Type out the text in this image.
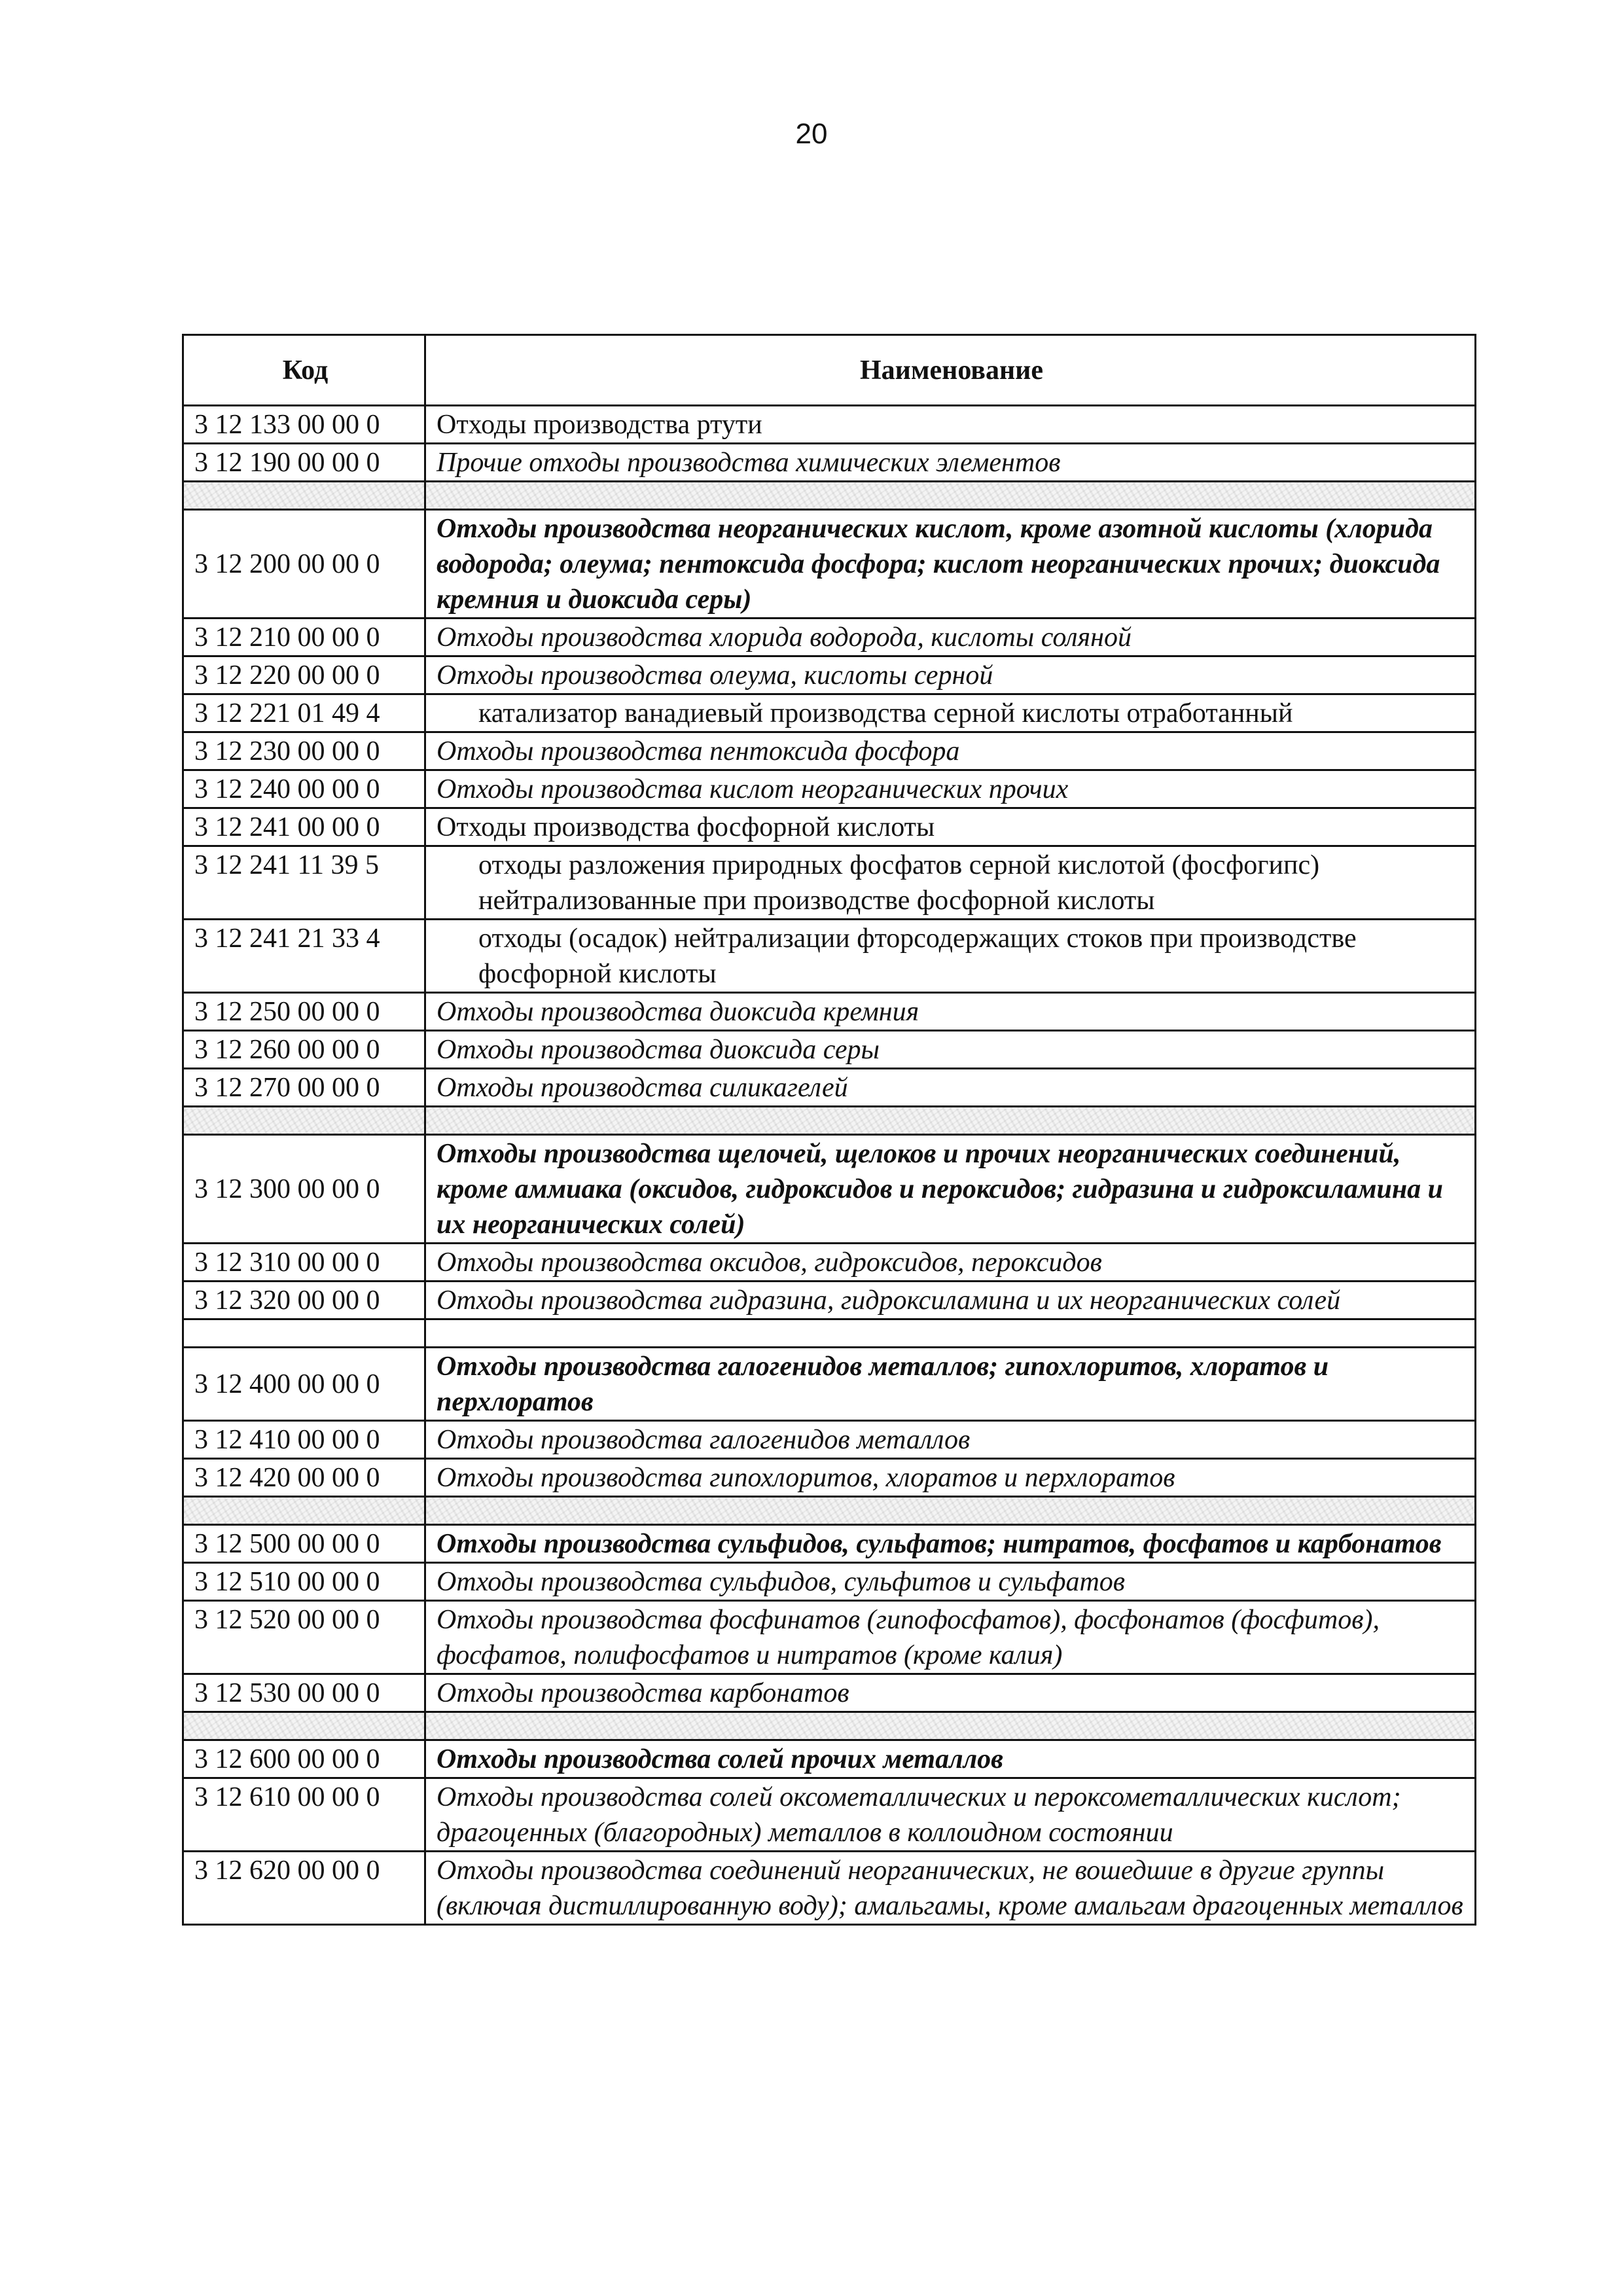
20
Код	Наименование
3 12 133 00 00 0	Отходы производства ртути
3 12 190 00 00 0	Прочие отходы производства химических элементов

3 12 200 00 00 0	Отходы производства неорганических кислот, кроме азотной кислоты (хлорида водорода; олеума; пентоксида фосфора; кислот неорганических прочих; диоксида кремния и диоксида серы)
3 12 210 00 00 0	Отходы производства хлорида водорода, кислоты соляной
3 12 220 00 00 0	Отходы производства олеума, кислоты серной
3 12 221 01 49 4	катализатор ванадиевый производства серной кислоты отработанный
3 12 230 00 00 0	Отходы производства пентоксида фосфора
3 12 240 00 00 0	Отходы производства кислот неорганических прочих
3 12 241 00 00 0	Отходы производства фосфорной кислоты
3 12 241 11 39 5	отходы разложения природных фосфатов серной кислотой (фосфогипс) нейтрализованные при производстве фосфорной кислоты
3 12 241 21 33 4	отходы (осадок) нейтрализации фторсодержащих стоков при производстве фосфорной кислоты
3 12 250 00 00 0	Отходы производства диоксида кремния
3 12 260 00 00 0	Отходы производства диоксида серы
3 12 270 00 00 0	Отходы производства силикагелей

3 12 300 00 00 0	Отходы производства щелочей, щелоков и прочих неорганических соединений, кроме аммиака (оксидов, гидроксидов и пероксидов; гидразина и гидроксиламина и их неорганических солей)
3 12 310 00 00 0	Отходы производства оксидов, гидроксидов, пероксидов
3 12 320 00 00 0	Отходы производства гидразина, гидроксиламина и их неорганических солей

3 12 400 00 00 0	Отходы производства галогенидов металлов; гипохлоритов, хлоратов и перхлоратов
3 12 410 00 00 0	Отходы производства галогенидов металлов
3 12 420 00 00 0	Отходы производства гипохлоритов, хлоратов и перхлоратов

3 12 500 00 00 0	Отходы производства сульфидов, сульфатов; нитратов, фосфатов и карбонатов
3 12 510 00 00 0	Отходы производства сульфидов, сульфитов и сульфатов
3 12 520 00 00 0	Отходы производства фосфинатов (гипофосфатов), фосфонатов (фосфитов), фосфатов, полифосфатов и нитратов (кроме калия)
3 12 530 00 00 0	Отходы производства карбонатов

3 12 600 00 00 0	Отходы производства солей прочих металлов
3 12 610 00 00 0	Отходы производства солей оксометаллических и пероксометаллических кислот; драгоценных (благородных) металлов в коллоидном состоянии
3 12 620 00 00 0	Отходы производства соединений неорганических, не вошедшие в другие группы (включая дистиллированную воду); амальгамы, кроме амальгам драгоценных металлов
